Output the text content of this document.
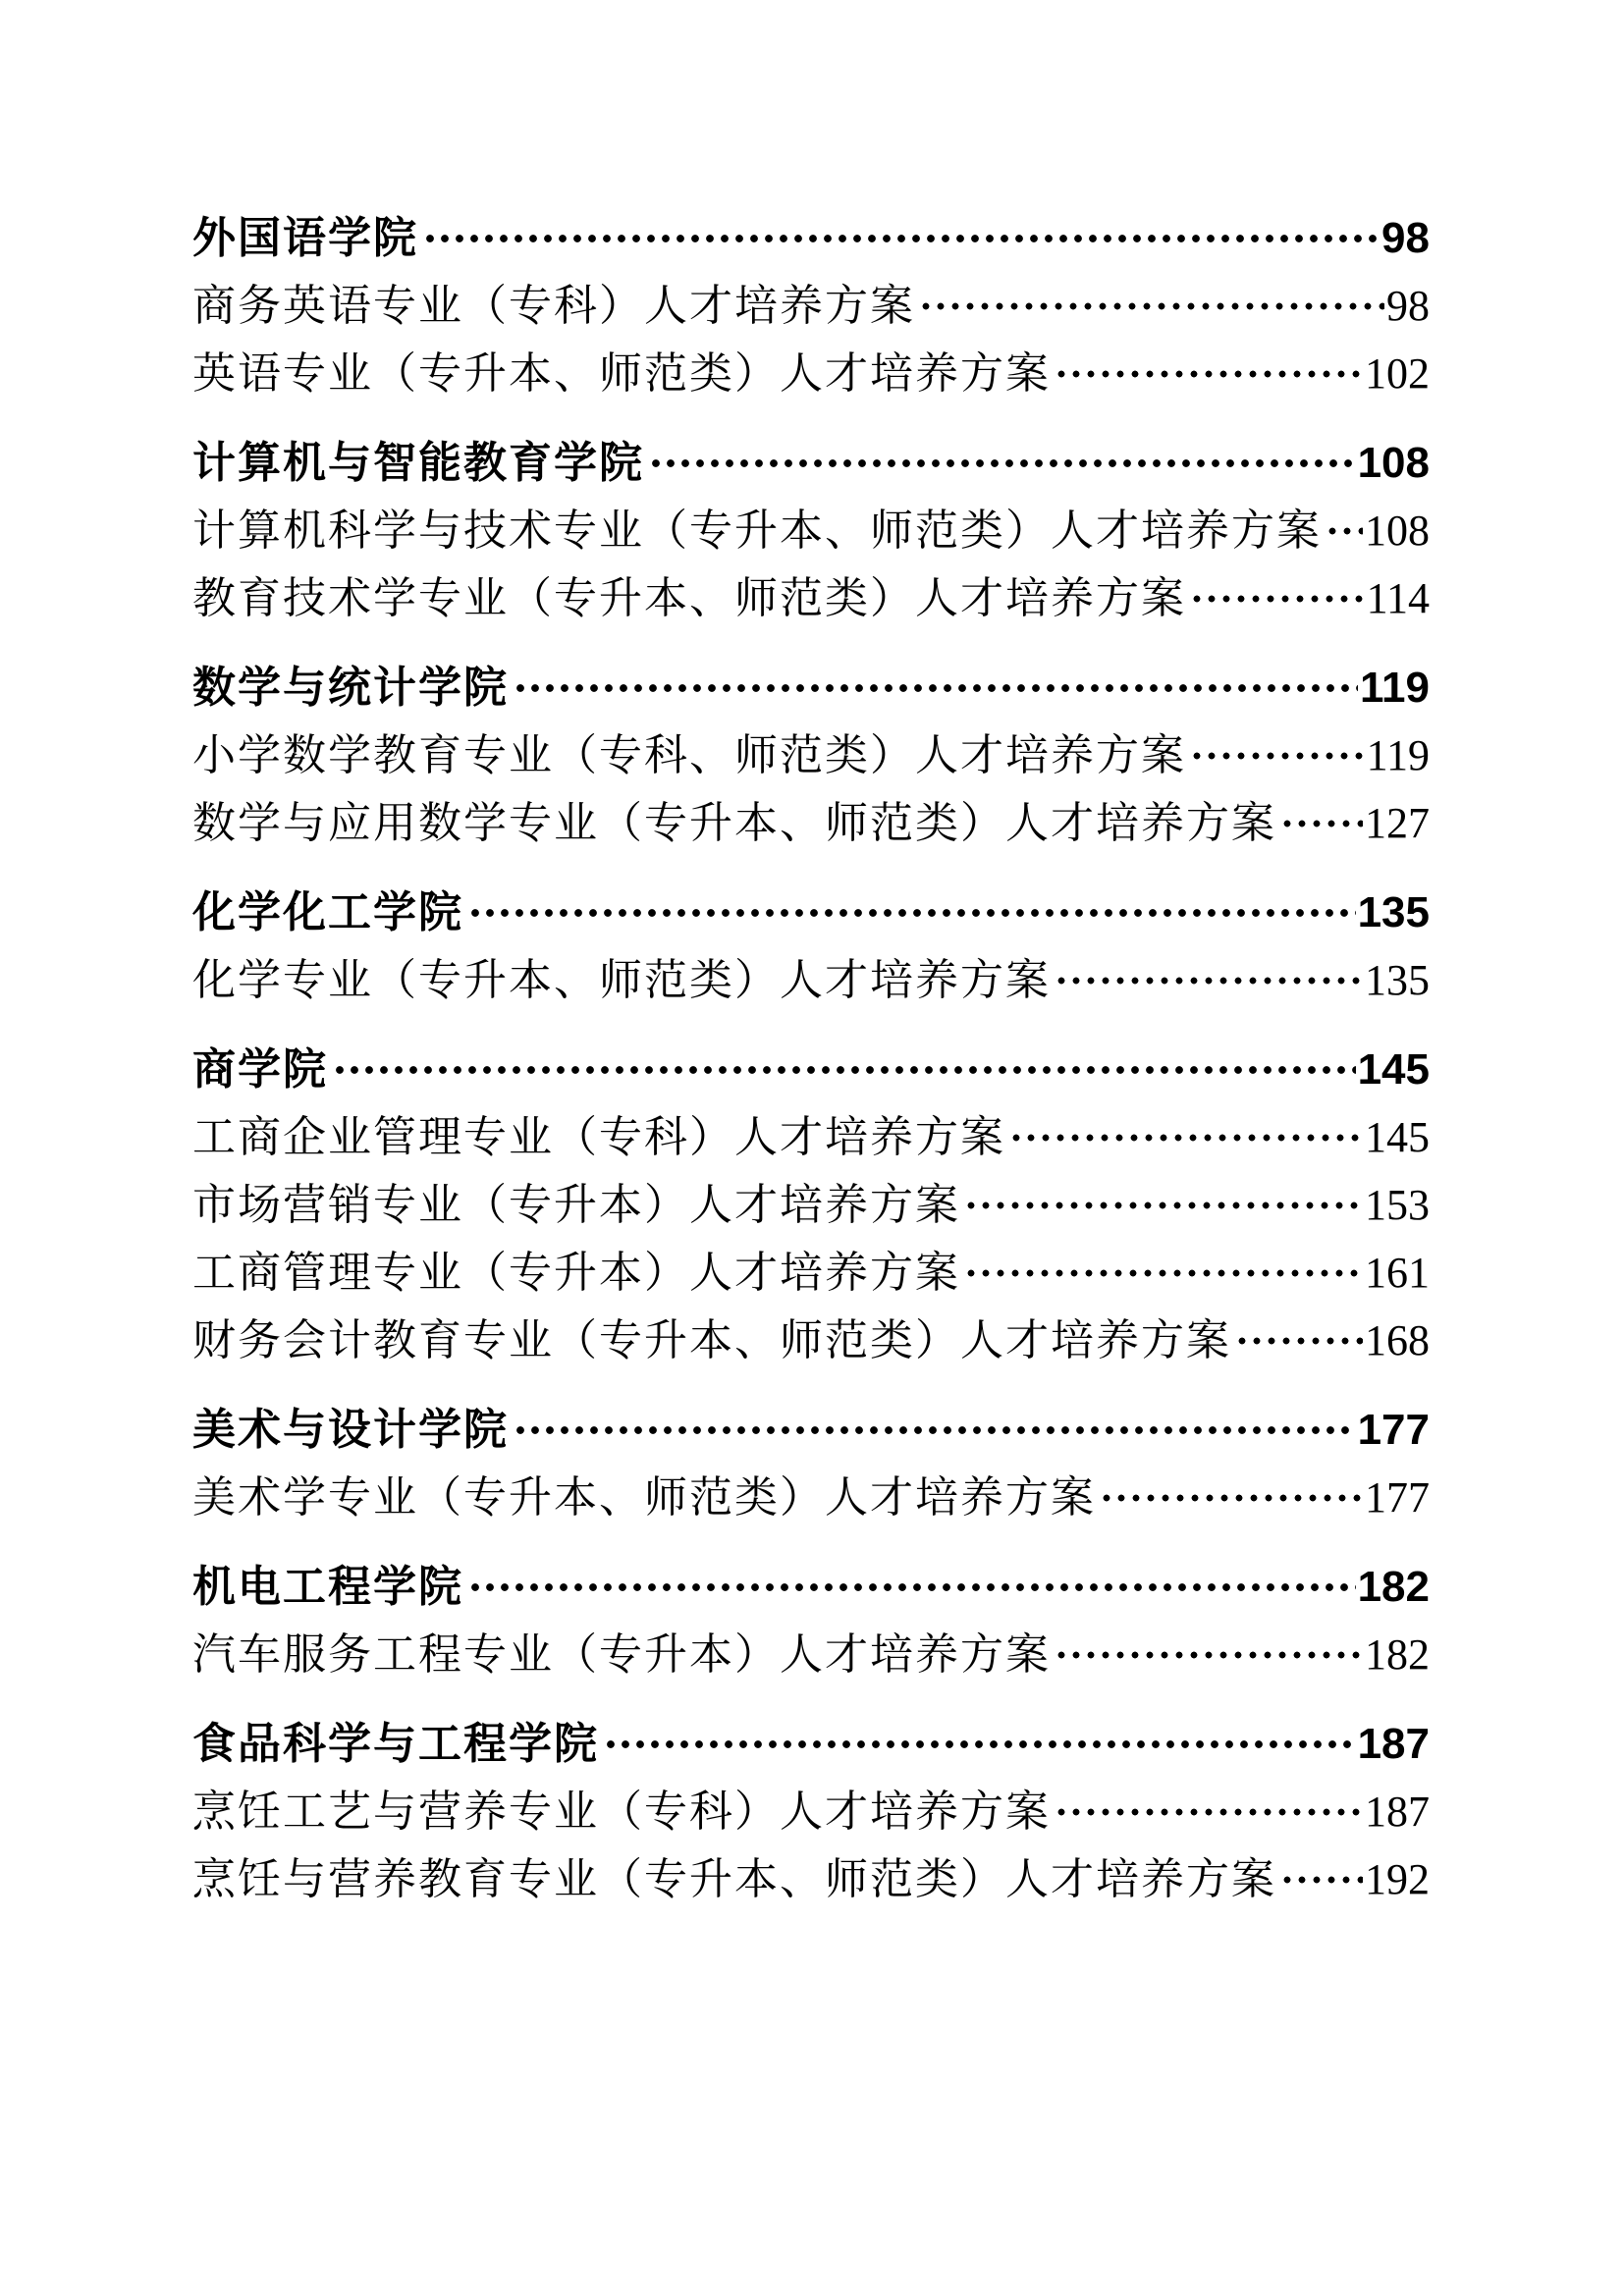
外国语学院	98
商务英语专业（专科）人才培养方案	98
英语专业（专升本、师范类）人才培养方案	102
计算机与智能教育学院	108
计算机科学与技术专业（专升本、师范类）人才培养方案 108
教育技术学专业（专升本、师范类）人才培养方案	114
数学与统计学院	119
小学数学教育专业（专科、师范类）人才培养方案	119
数学与应用数学专业（专升本、师范类）人才培养方案 127
化学化工学院	135
化学专业（专升本、师范类）人才培养方案	135
商学院	145
工商企业管理专业（专科）人才培养方案	145
市场营销专业（专升本）人才培养方案	153
工商管理专业（专升本）人才培养方案	161
财务会计教育专业（专升本、师范类）人才培养方案	168
美术与设计学院	177
美术学专业（专升本、师范类）人才培养方案	177
机电工程学院	182
汽车服务工程专业（专升本）人才培养方案	182
食品科学与工程学院	187
烹饪工艺与营养专业（专科）人才培养方案	187
烹饪与营养教育专业（专升本、师范类）人才培养方案 192
